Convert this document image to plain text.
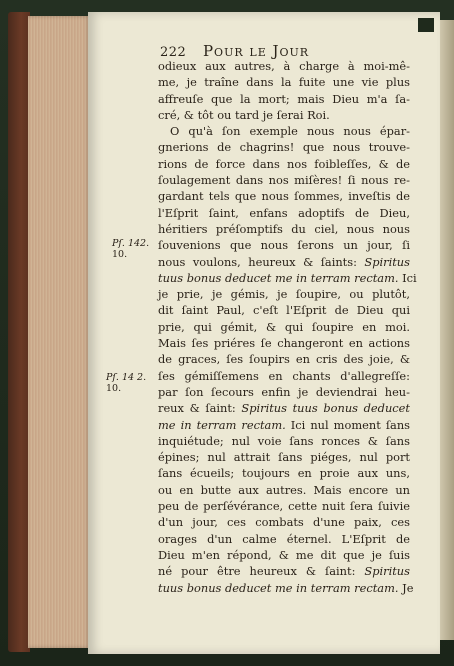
222 Pour le Jour
Pſ. 142.
10.
Pſ. 14 2.
10.
odieux aux autres, à charge à moi-mê-
me, je traîne dans la fuite une vie plus
affreuſe que la mort; mais Dieu m'a ſa-
cré, & tôt ou tard je ſerai Roi.
O qu'à ſon exemple nous nous épar-
gnerions de chagrins! que nous trouve-
rions de force dans nos foibleſſes, & de
ſoulagement dans nos miſères! ſi nous re-
gardant tels que nous ſommes, inveſtis de
l'Eſprit ſaint, enfans adoptifs de Dieu,
héritiers préſomptifs du ciel, nous nous
ſouvenions que nous ſerons un jour, ſi
nous voulons, heureux & ſaints: Spiritus
tuus bonus deducet me in terram rectam. Ici
je prie, je gémis, je ſoupire, ou plutôt,
dit ſaint Paul, c'eſt l'Eſprit de Dieu qui
prie, qui gémit, & qui ſoupire en moi.
Mais ſes priéres ſe changeront en actions
de graces, ſes ſoupirs en cris des joie, &
ſes gémiſſemens en chants d'allegreſſe:
par ſon ſecours enfin je deviendrai heu-
reux & ſaint: Spiritus tuus bonus deducet
me in terram rectam. Ici nul moment ſans
inquiétude; nul voie ſans ronces & ſans
épines; nul attrait ſans piéges, nul port
ſans écueils; toujours en proie aux uns,
ou en butte aux autres. Mais encore un
peu de perſévérance, cette nuit ſera ſuivie
d'un jour, ces combats d'une paix, ces
orages d'un calme éternel. L'Eſprit de
Dieu m'en répond, & me dit que je ſuis
né pour être heureux & ſaint: Spiritus
tuus bonus deducet me in terram rectam. Je
